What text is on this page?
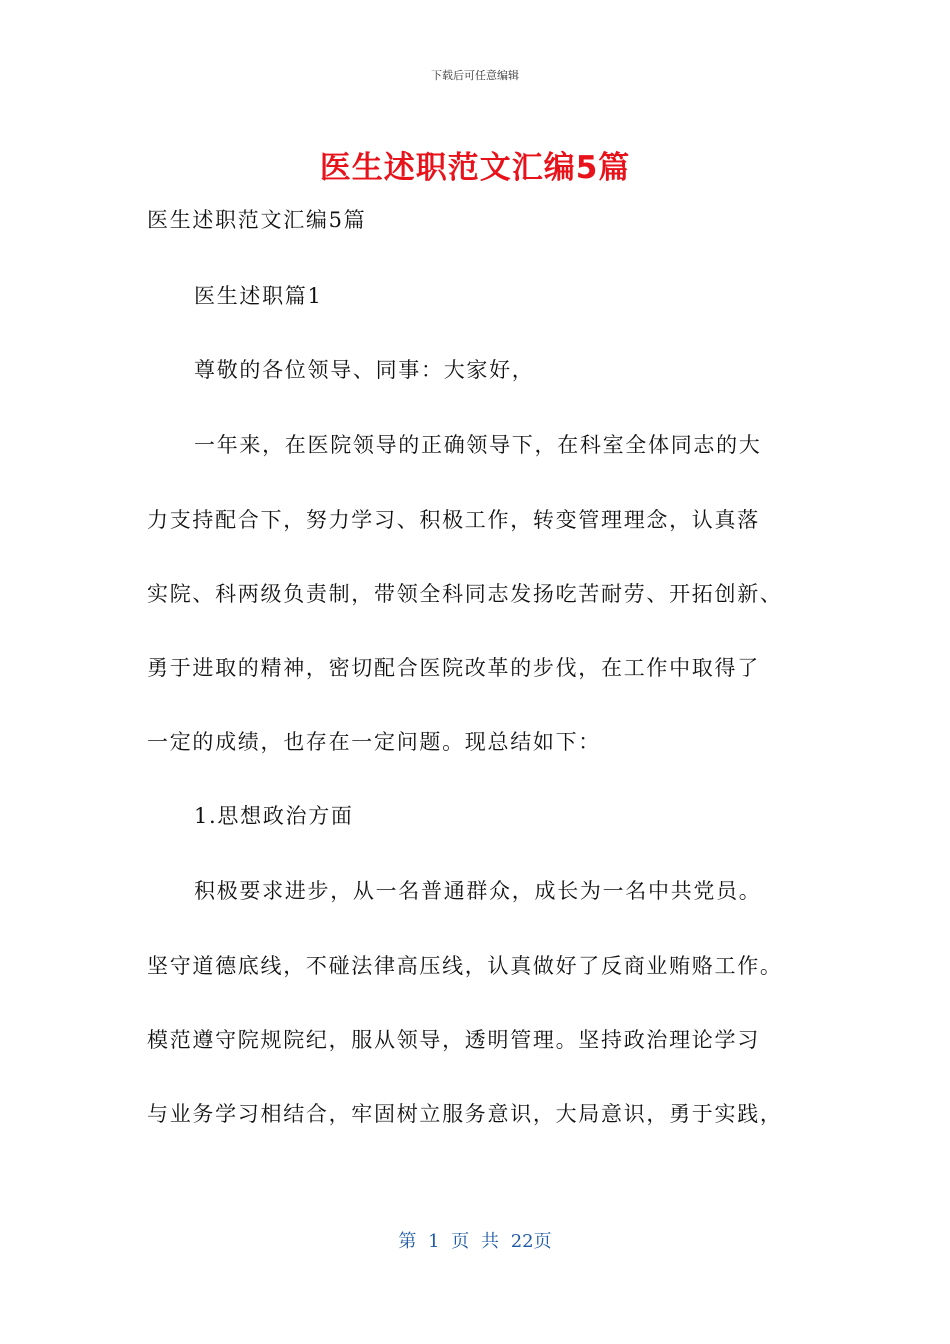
下载后可任意编辑
医生述职范文汇编5篇
医生述职范文汇编5篇
医生述职篇1
尊敬的各位领导、同事：大家好，
一年来，在医院领导的正确领导下，在科室全体同志的大
力支持配合下，努力学习、积极工作，转变管理理念，认真落
实院、科两级负责制，带领全科同志发扬吃苦耐劳、开拓创新、
勇于进取的精神，密切配合医院改革的步伐，在工作中取得了
一定的成绩，也存在一定问题。现总结如下：
1.思想政治方面
积极要求进步，从一名普通群众，成长为一名中共党员。
坚守道德底线，不碰法律高压线，认真做好了反商业贿赂工作。
模范遵守院规院纪，服从领导，透明管理。坚持政治理论学习
与业务学习相结合，牢固树立服务意识，大局意识，勇于实践，
第 1 页 共 22页
